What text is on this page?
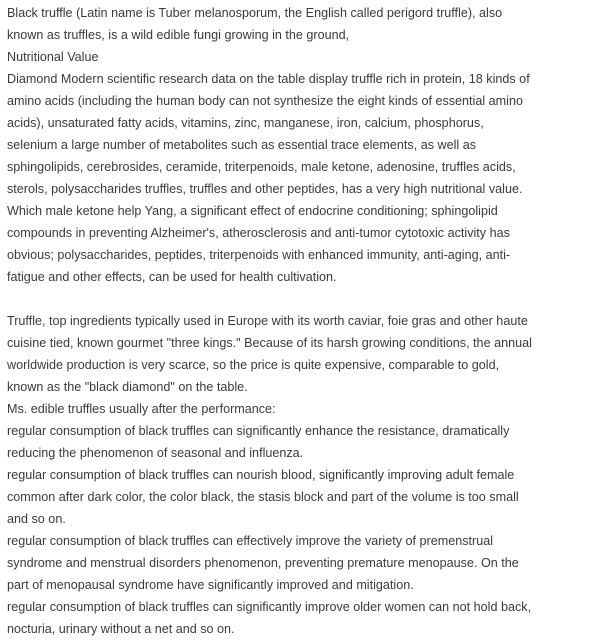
Black truffle (Latin name is Tuber melanosporum, the English called perigord truffle), also
known as truffles, is a wild edible fungi growing in the ground,
Nutritional Value
Diamond Modern scientific research data on the table display truffle rich in protein, 18 kinds of
amino acids (including the human body can not synthesize the eight kinds of essential amino
acids), unsaturated fatty acids, vitamins, zinc, manganese, iron, calcium, phosphorus,
selenium a large number of metabolites such as essential trace elements, as well as
sphingolipids, cerebrosides, ceramide, triterpenoids, male ketone, adenosine, truffles acids,
sterols, polysaccharides truffles, truffles and other peptides, has a very high nutritional value.
Which male ketone help Yang, a significant effect of endocrine conditioning; sphingolipid
compounds in preventing Alzheimer's, atherosclerosis and anti-tumor cytotoxic activity has
obvious; polysaccharides, peptides, triterpenoids with enhanced immunity, anti-aging, anti-
fatigue and other effects, can be used for health cultivation.
Truffle, top ingredients typically used in Europe with its worth caviar, foie gras and other haute
cuisine tied, known gourmet "three kings." Because of its harsh growing conditions, the annual
worldwide production is very scarce, so the price is quite expensive, comparable to gold,
known as the "black diamond" on the table.
Ms. edible truffles usually after the performance:
regular consumption of black truffles can significantly enhance the resistance, dramatically
reducing the phenomenon of seasonal and influenza.
regular consumption of black truffles can nourish blood, significantly improving adult female
common after dark color, the color black, the stasis block and part of the volume is too small
and so on.
regular consumption of black truffles can effectively improve the variety of premenstrual
syndrome and menstrual disorders phenomenon, preventing premature menopause. On the
part of menopausal syndrome have significantly improved and mitigation.
regular consumption of black truffles can significantly improve older women can not hold back,
nocturia, urinary without a net and so on.
